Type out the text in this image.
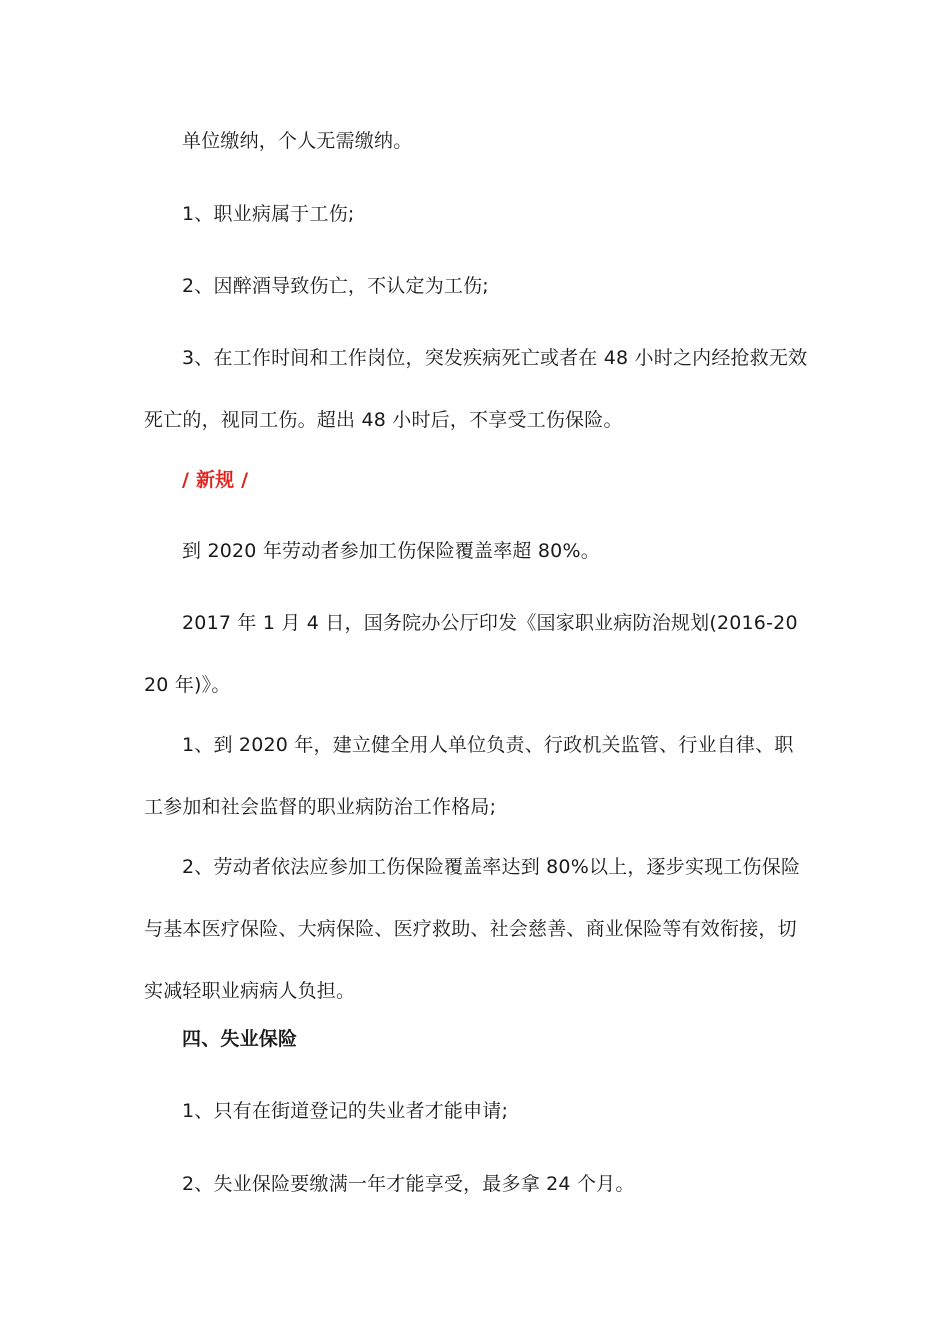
单位缴纳，个人无需缴纳。

1、职业病属于工伤;

2、因醉酒导致伤亡，不认定为工伤;

3、在工作时间和工作岗位，突发疾病死亡或者在 48 小时之内经抢救无效死亡的，视同工伤。超出 48 小时后，不享受工伤保险。

/ 新规 /

到 2020 年劳动者参加工伤保险覆盖率超 80%。

2017 年 1 月 4 日，国务院办公厅印发《国家职业病防治规划(2016-2020 年)》。

1、到 2020 年，建立健全用人单位负责、行政机关监管、行业自律、职工参加和社会监督的职业病防治工作格局;

2、劳动者依法应参加工伤保险覆盖率达到 80%以上，逐步实现工伤保险与基本医疗保险、大病保险、医疗救助、社会慈善、商业保险等有效衔接，切实减轻职业病病人负担。

四、失业保险

1、只有在街道登记的失业者才能申请;

2、失业保险要缴满一年才能享受，最多拿 24 个月。
